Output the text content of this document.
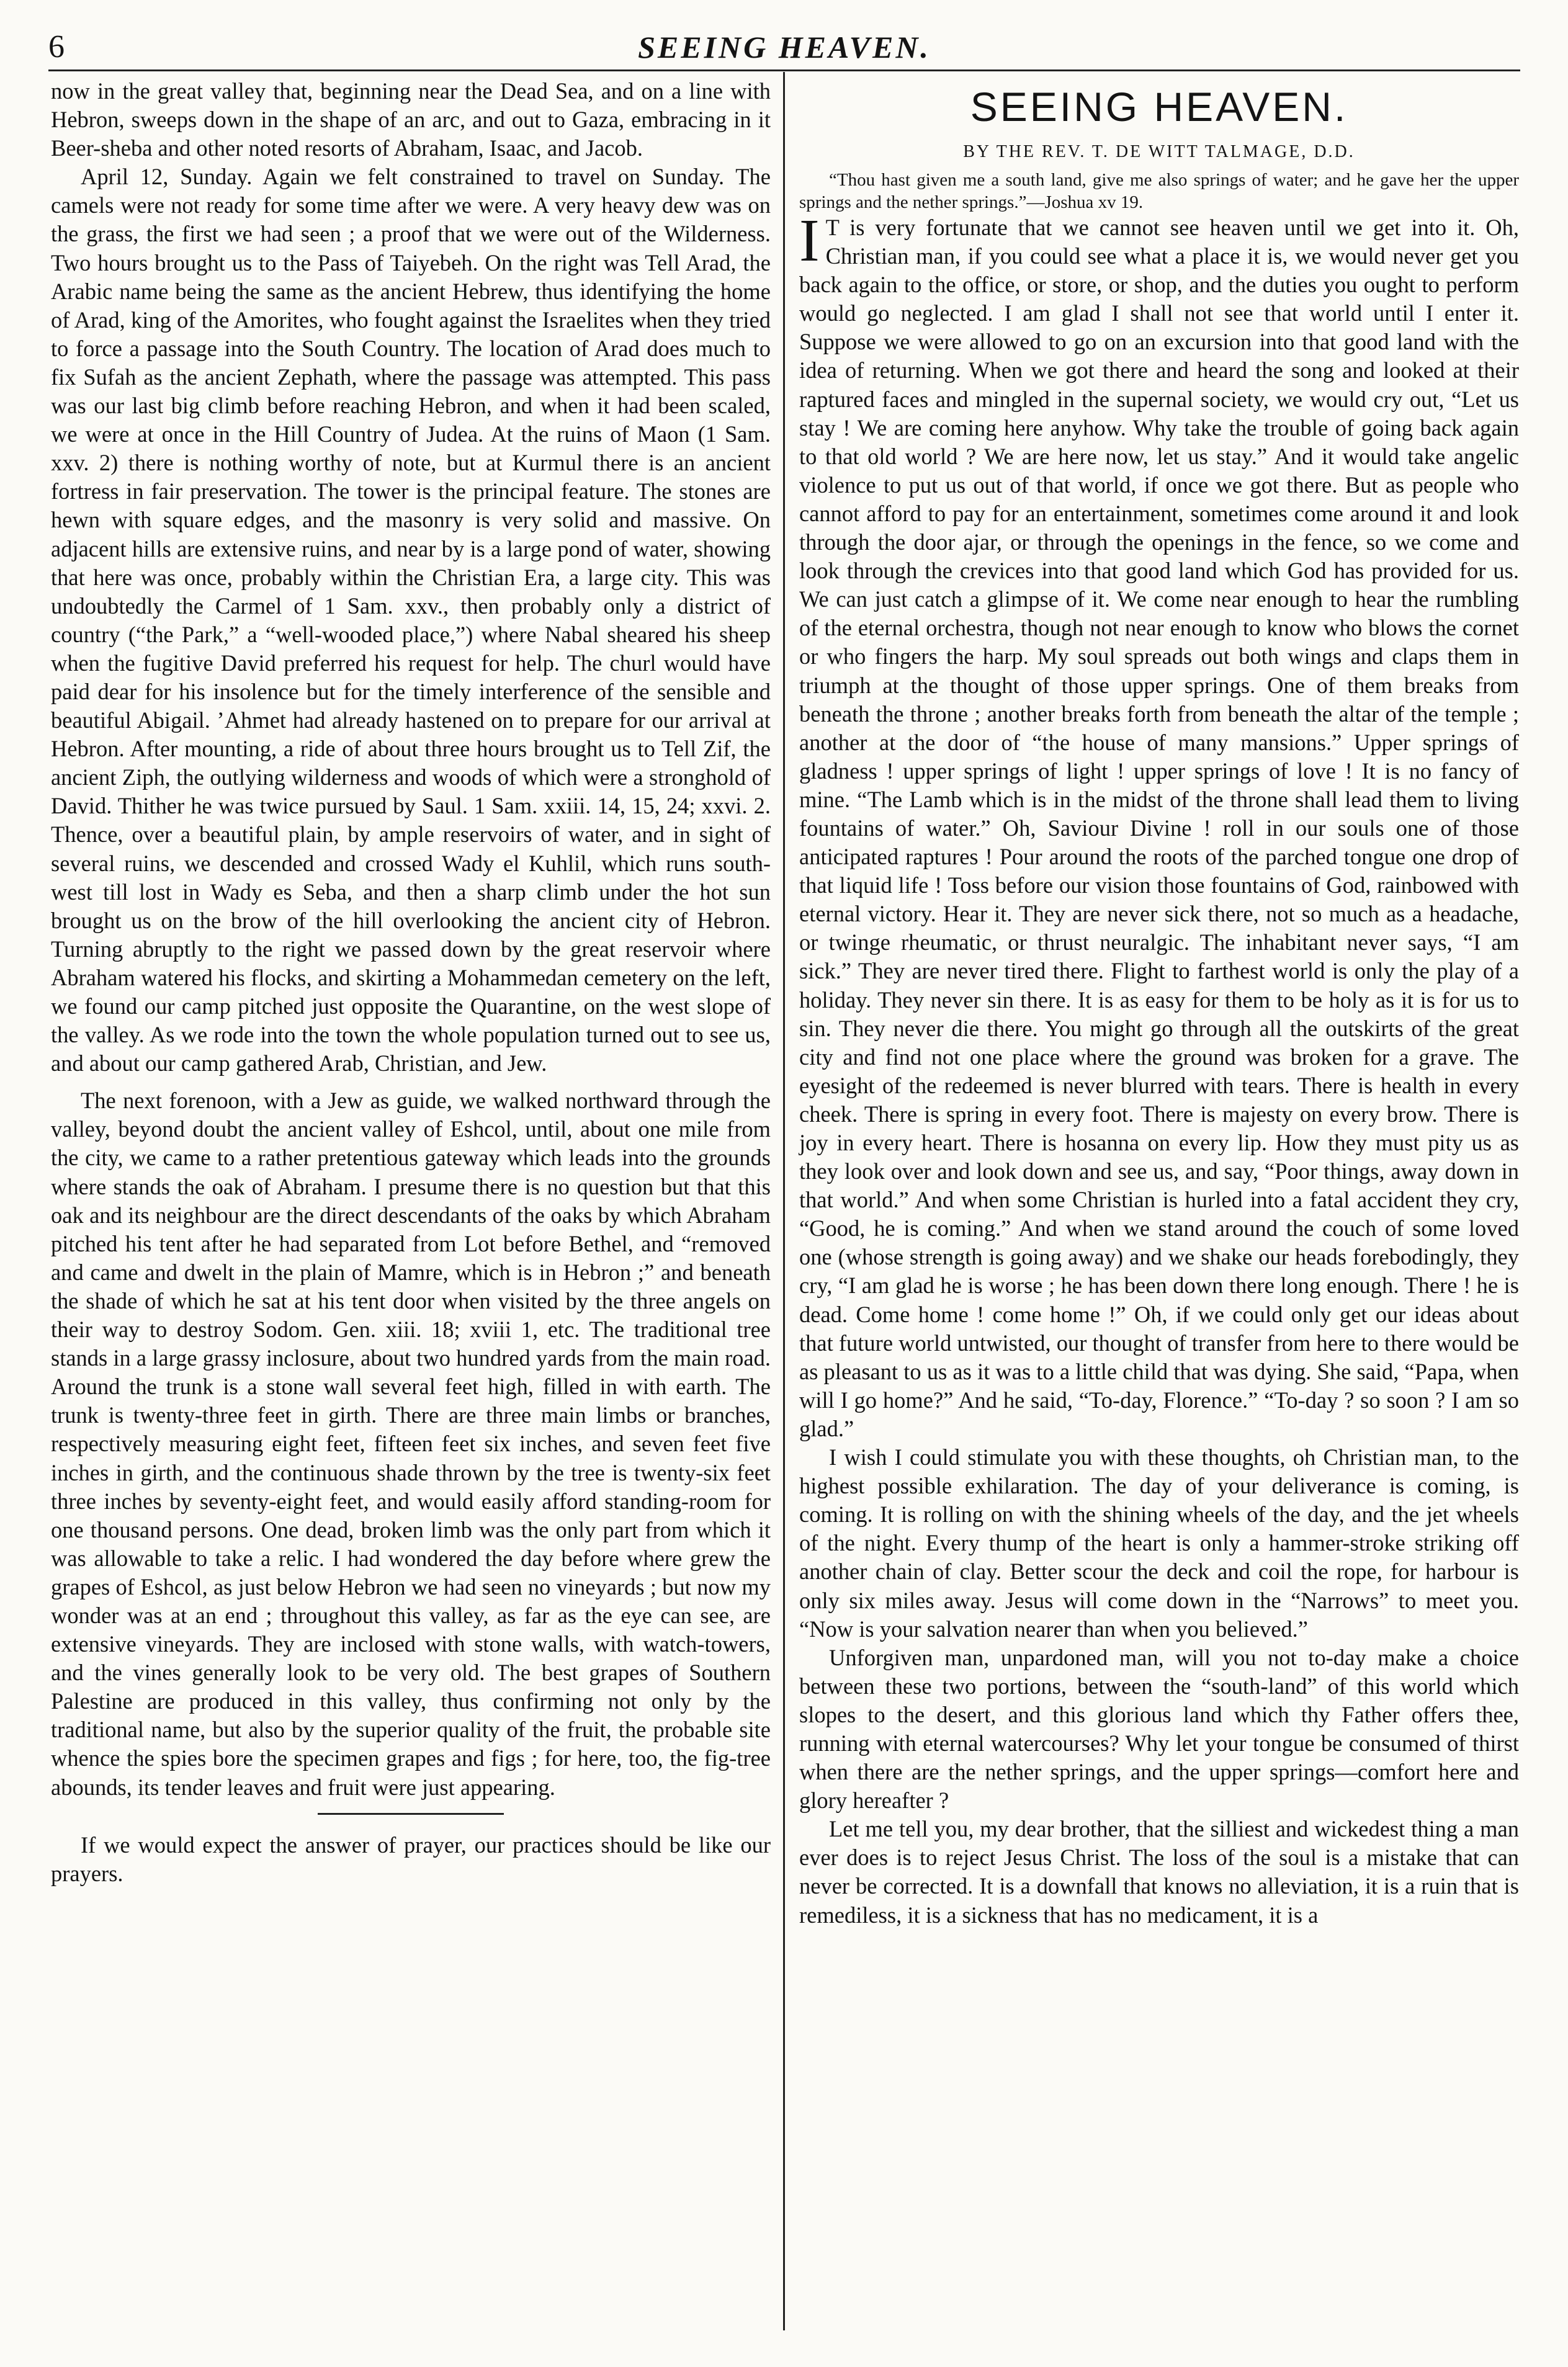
6	SEEING HEAVEN.

now in the great valley that, beginning near the Dead Sea, and on a line with Hebron, sweeps down in the shape of an arc, and out to Gaza, embracing in it Beer-sheba and other noted resorts of Abraham, Isaac, and Jacob.

April 12, Sunday. Again we felt constrained to travel on Sunday. The camels were not ready for some time after we were. A very heavy dew was on the grass, the first we had seen ; a proof that we were out of the Wilderness. Two hours brought us to the Pass of Taiyebeh. On the right was Tell Arad, the Arabic name being the same as the ancient Hebrew, thus identifying the home of Arad, king of the Amorites, who fought against the Israelites when they tried to force a passage into the South Country. The location of Arad does much to fix Sufah as the ancient Zephath, where the passage was attempted. This pass was our last big climb before reaching Hebron, and when it had been scaled, we were at once in the Hill Country of Judea. At the ruins of Maon (1 Sam. xxv. 2) there is nothing worthy of note, but at Kurmul there is an ancient fortress in fair preservation. The tower is the principal feature. The stones are hewn with square edges, and the masonry is very solid and massive. On adjacent hills are extensive ruins, and near by is a large pond of water, showing that here was once, probably within the Christian Era, a large city. This was undoubtedly the Carmel of 1 Sam. xxv., then probably only a district of country (“the Park,” a “well-wooded place,”) where Nabal sheared his sheep when the fugitive David preferred his request for help. The churl would have paid dear for his insolence but for the timely interference of the sensible and beautiful Abigail. ’Ahmet had already hastened on to prepare for our arrival at Hebron. After mounting, a ride of about three hours brought us to Tell Zif, the ancient Ziph, the outlying wilderness and woods of which were a stronghold of David. Thither he was twice pursued by Saul. 1 Sam. xxiii. 14, 15, 24; xxvi. 2. Thence, over a beautiful plain, by ample reservoirs of water, and in sight of several ruins, we descended and crossed Wady el Kuhlil, which runs south-west till lost in Wady es Seba, and then a sharp climb under the hot sun brought us on the brow of the hill overlooking the ancient city of Hebron. Turning abruptly to the right we passed down by the great reservoir where Abraham watered his flocks, and skirting a Mohammedan cemetery on the left, we found our camp pitched just opposite the Quarantine, on the west slope of the valley. As we rode into the town the whole population turned out to see us, and about our camp gathered Arab, Christian, and Jew.

The next forenoon, with a Jew as guide, we walked northward through the valley, beyond doubt the ancient valley of Eshcol, until, about one mile from the city, we came to a rather pretentious gateway which leads into the grounds where stands the oak of Abraham. I presume there is no question but that this oak and its neighbour are the direct descendants of the oaks by which Abraham pitched his tent after he had separated from Lot before Bethel, and “removed and came and dwelt in the plain of Mamre, which is in Hebron ;” and beneath the shade of which he sat at his tent door when visited by the three angels on their way to destroy Sodom. Gen. xiii. 18; xviii 1, etc. The traditional tree stands in a large grassy inclosure, about two hundred yards from the main road. Around the trunk is a stone wall several feet high, filled in with earth. The trunk is twenty-three feet in girth. There are three main limbs or branches, respectively measuring eight feet, fifteen feet six inches, and seven feet five inches in girth, and the continuous shade thrown by the tree is twenty-six feet three inches by seventy-eight feet, and would easily afford standing-room for one thousand persons. One dead, broken limb was the only part from which it was allowable to take a relic. I had wondered the day before where grew the grapes of Eshcol, as just below Hebron we had seen no vineyards ; but now my wonder was at an end ; throughout this valley, as far as the eye can see, are extensive vineyards. They are inclosed with stone walls, with watch-towers, and the vines generally look to be very old. The best grapes of Southern Palestine are produced in this valley, thus confirming not only by the traditional name, but also by the superior quality of the fruit, the probable site whence the spies bore the specimen grapes and figs ; for here, too, the fig-tree abounds, its tender leaves and fruit were just appearing.

If we would expect the answer of prayer, our practices should be like our prayers.

SEEING HEAVEN.
BY THE REV. T. DE WITT TALMAGE, D.D.

“Thou hast given me a south land, give me also springs of water; and he gave her the upper springs and the nether springs.”—Joshua xv 19.

I T is very fortunate that we cannot see heaven until we get into it. Oh, Christian man, if you could see what a place it is, we would never get you back again to the office, or store, or shop, and the duties you ought to perform would go neglected. I am glad I shall not see that world until I enter it. Suppose we were allowed to go on an excursion into that good land with the idea of returning. When we got there and heard the song and looked at their raptured faces and mingled in the supernal society, we would cry out, “Let us stay ! We are coming here anyhow. Why take the trouble of going back again to that old world ? We are here now, let us stay.” And it would take angelic violence to put us out of that world, if once we got there. But as people who cannot afford to pay for an entertainment, sometimes come around it and look through the door ajar, or through the openings in the fence, so we come and look through the crevices into that good land which God has provided for us. We can just catch a glimpse of it. We come near enough to hear the rumbling of the eternal orchestra, though not near enough to know who blows the cornet or who fingers the harp. My soul spreads out both wings and claps them in triumph at the thought of those upper springs. One of them breaks from beneath the throne ; another breaks forth from beneath the altar of the temple ; another at the door of “the house of many mansions.” Upper springs of gladness ! upper springs of light ! upper springs of love ! It is no fancy of mine. “The Lamb which is in the midst of the throne shall lead them to living fountains of water.” Oh, Saviour Divine ! roll in our souls one of those anticipated raptures ! Pour around the roots of the parched tongue one drop of that liquid life ! Toss before our vision those fountains of God, rainbowed with eternal victory. Hear it. They are never sick there, not so much as a headache, or twinge rheumatic, or thrust neuralgic. The inhabitant never says, “I am sick.” They are never tired there. Flight to farthest world is only the play of a holiday. They never sin there. It is as easy for them to be holy as it is for us to sin. They never die there. You might go through all the outskirts of the great city and find not one place where the ground was broken for a grave. The eyesight of the redeemed is never blurred with tears. There is health in every cheek. There is spring in every foot. There is majesty on every brow. There is joy in every heart. There is hosanna on every lip. How they must pity us as they look over and look down and see us, and say, “Poor things, away down in that world.” And when some Christian is hurled into a fatal accident they cry, “Good, he is coming.” And when we stand around the couch of some loved one (whose strength is going away) and we shake our heads forebodingly, they cry, “I am glad he is worse ; he has been down there long enough. There ! he is dead. Come home ! come home !” Oh, if we could only get our ideas about that future world untwisted, our thought of transfer from here to there would be as pleasant to us as it was to a little child that was dying. She said, “Papa, when will I go home?” And he said, “To-day, Florence.” “To-day ? so soon ? I am so glad.”

I wish I could stimulate you with these thoughts, oh Christian man, to the highest possible exhilaration. The day of your deliverance is coming, is coming. It is rolling on with the shining wheels of the day, and the jet wheels of the night. Every thump of the heart is only a hammer-stroke striking off another chain of clay. Better scour the deck and coil the rope, for harbour is only six miles away. Jesus will come down in the “Narrows” to meet you. “Now is your salvation nearer than when you believed.”

Unforgiven man, unpardoned man, will you not to-day make a choice between these two portions, between the “south-land” of this world which slopes to the desert, and this glorious land which thy Father offers thee, running with eternal watercourses? Why let your tongue be consumed of thirst when there are the nether springs, and the upper springs—comfort here and glory hereafter ?

Let me tell you, my dear brother, that the silliest and wickedest thing a man ever does is to reject Jesus Christ. The loss of the soul is a mistake that can never be corrected. It is a downfall that knows no alleviation, it is a ruin that is remediless, it is a sickness that has no medicament, it is a
